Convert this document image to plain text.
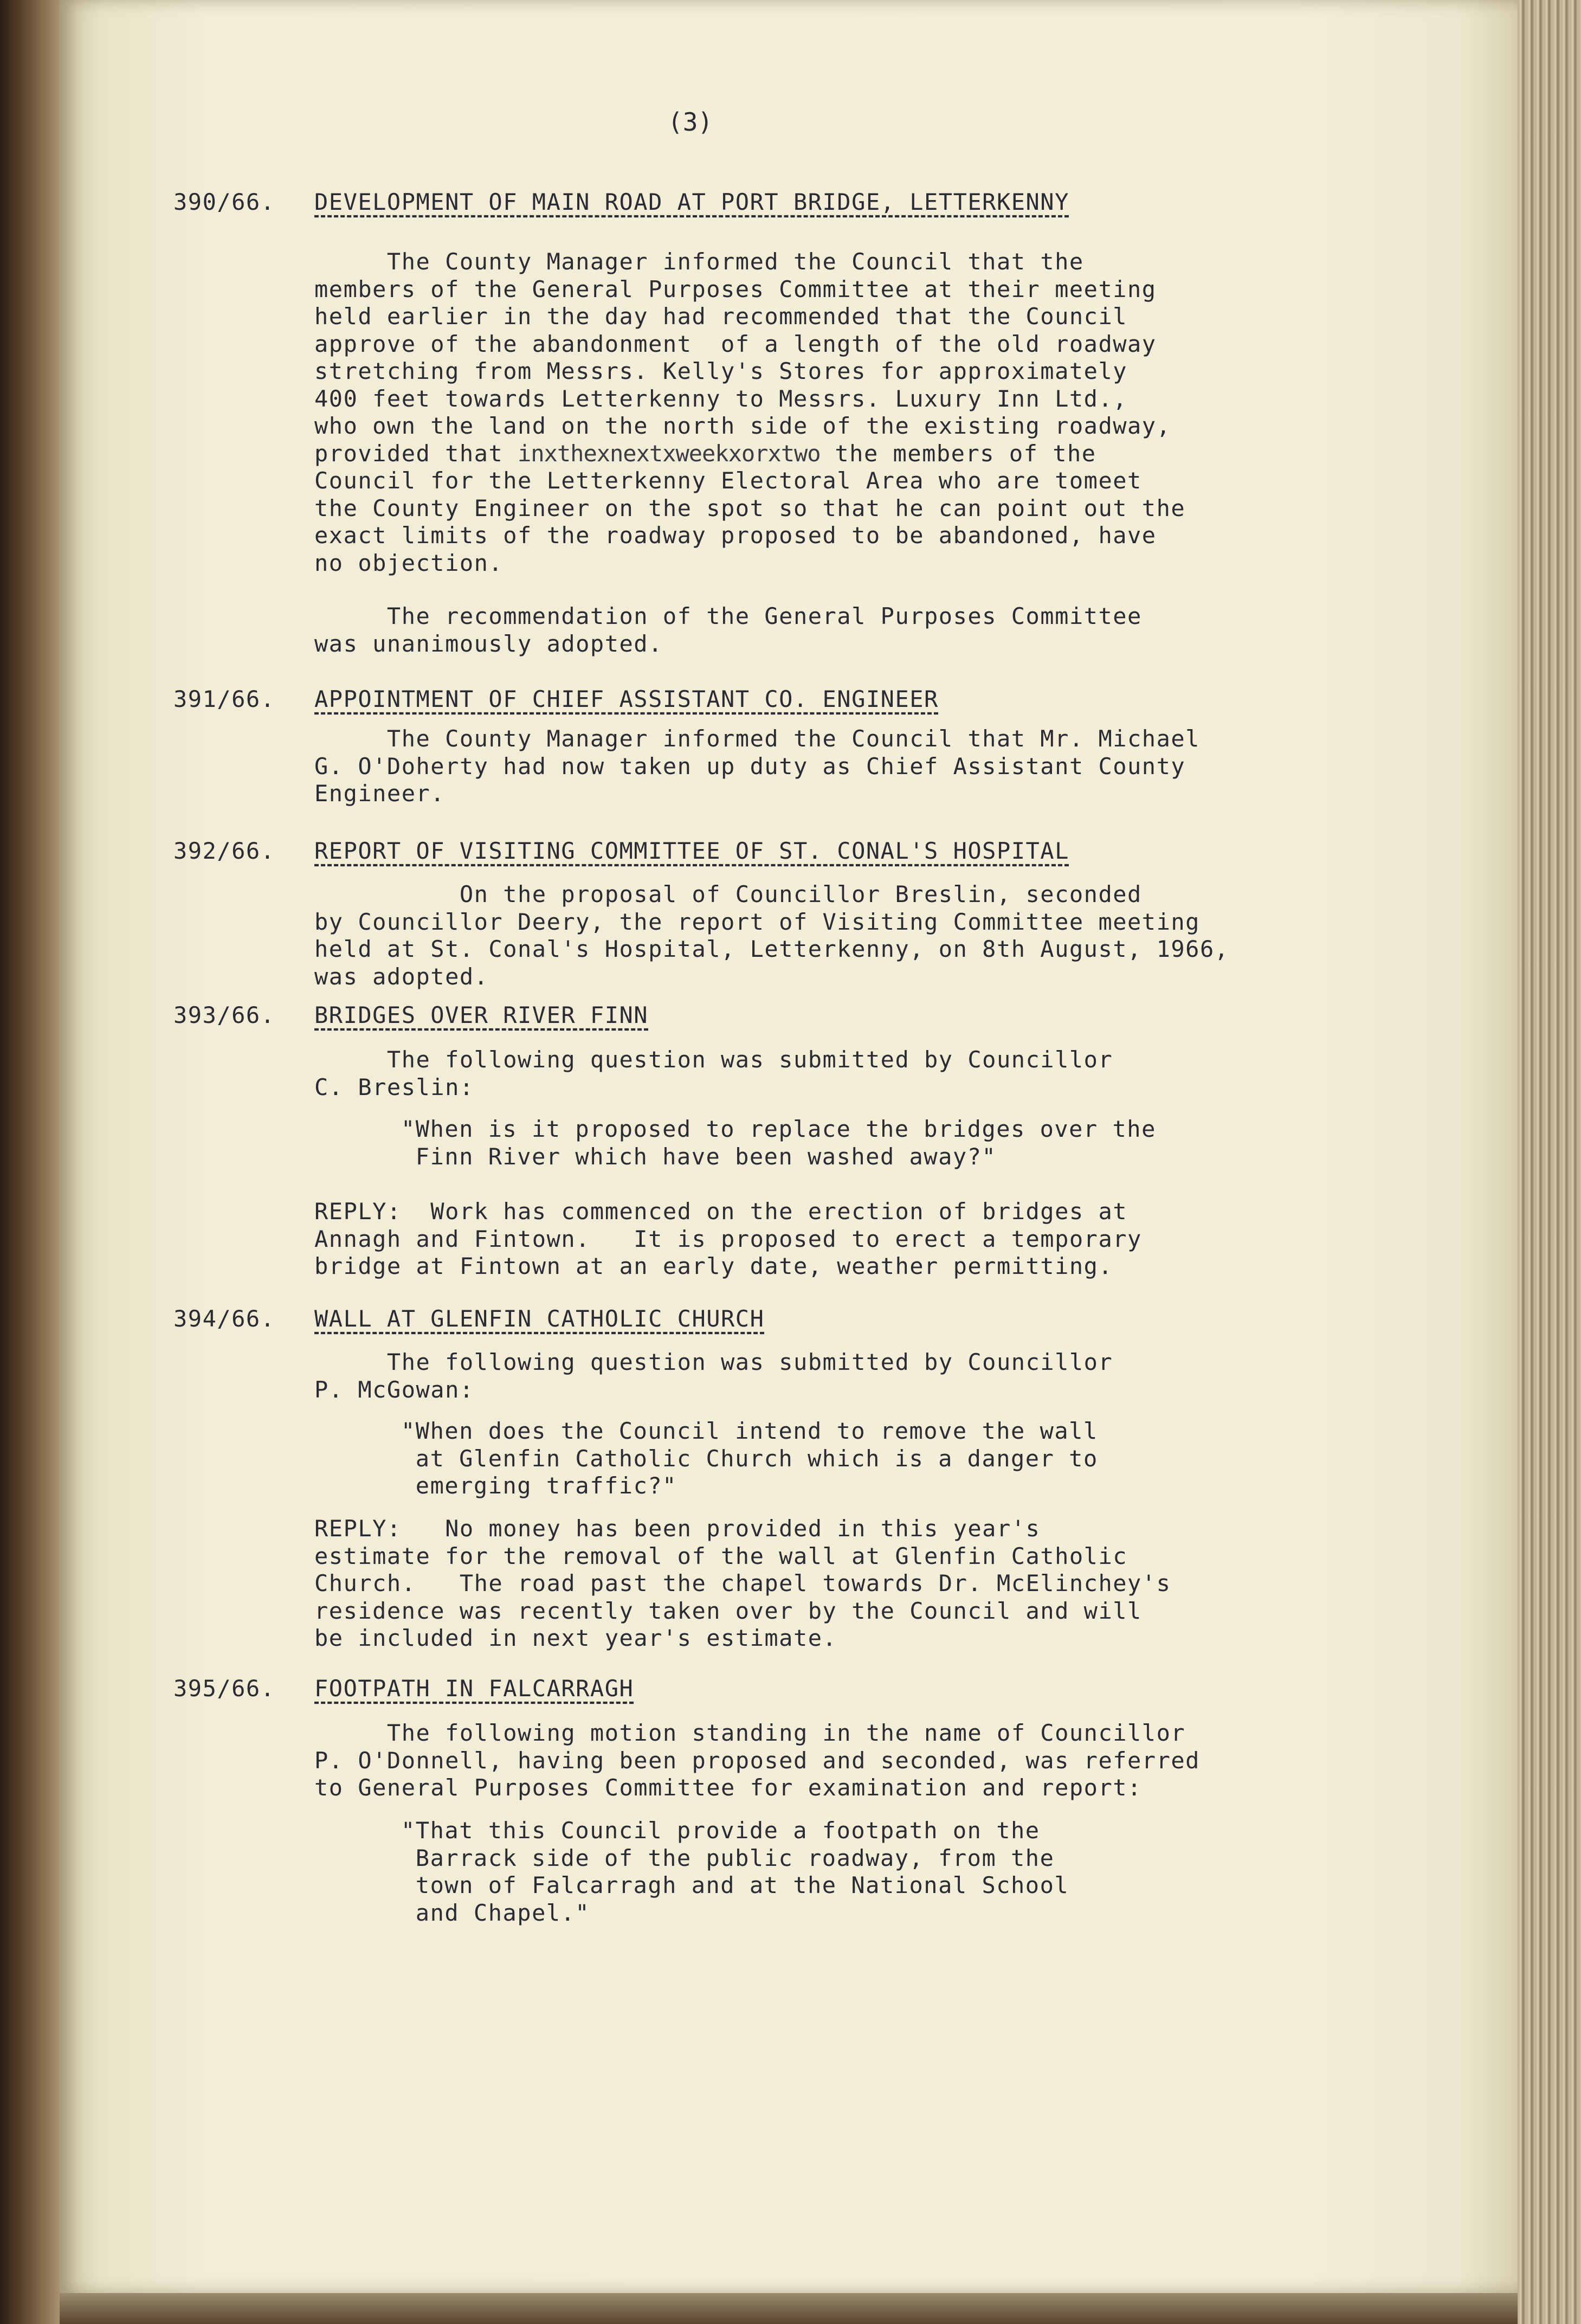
(3)
390/66. DEVELOPMENT OF MAIN ROAD AT PORT BRIDGE, LETTERKENNY
The County Manager informed the Council that the
members of the General Purposes Committee at their meeting
held earlier in the day had recommended that the Council
approve of the abandonment  of a length of the old roadway
stretching from Messrs. Kelly's Stores for approximately
400 feet towards Letterkenny to Messrs. Luxury Inn Ltd.,
who own the land on the north side of the existing roadway,
provided that inxthexnextxweekxorxtwo the members of the
Council for the Letterkenny Electoral Area who are tomeet
the County Engineer on the spot so that he can point out the
exact limits of the roadway proposed to be abandoned, have
no objection.
The recommendation of the General Purposes Committee
was unanimously adopted.
391/66. APPOINTMENT OF CHIEF ASSISTANT CO. ENGINEER
The County Manager informed the Council that Mr. Michael
G. O'Doherty had now taken up duty as Chief Assistant County
Engineer.
392/66. REPORT OF VISITING COMMITTEE OF ST. CONAL'S HOSPITAL
On the proposal of Councillor Breslin, seconded
by Councillor Deery, the report of Visiting Committee meeting
held at St. Conal's Hospital, Letterkenny, on 8th August, 1966,
was adopted.
393/66. BRIDGES OVER RIVER FINN
The following question was submitted by Councillor
C. Breslin:
"When is it proposed to replace the bridges over the
Finn River which have been washed away?"
REPLY:  Work has commenced on the erection of bridges at
Annagh and Fintown.   It is proposed to erect a temporary
bridge at Fintown at an early date, weather permitting.
394/66. WALL AT GLENFIN CATHOLIC CHURCH
The following question was submitted by Councillor
P. McGowan:
"When does the Council intend to remove the wall
at Glenfin Catholic Church which is a danger to
emerging traffic?"
REPLY:   No money has been provided in this year's
estimate for the removal of the wall at Glenfin Catholic
Church.   The road past the chapel towards Dr. McElinchey's
residence was recently taken over by the Council and will
be included in next year's estimate.
395/66. FOOTPATH IN FALCARRAGH
The following motion standing in the name of Councillor
P. O'Donnell, having been proposed and seconded, was referred
to General Purposes Committee for examination and report:
"That this Council provide a footpath on the
Barrack side of the public roadway, from the
town of Falcarragh and at the National School
and Chapel."
